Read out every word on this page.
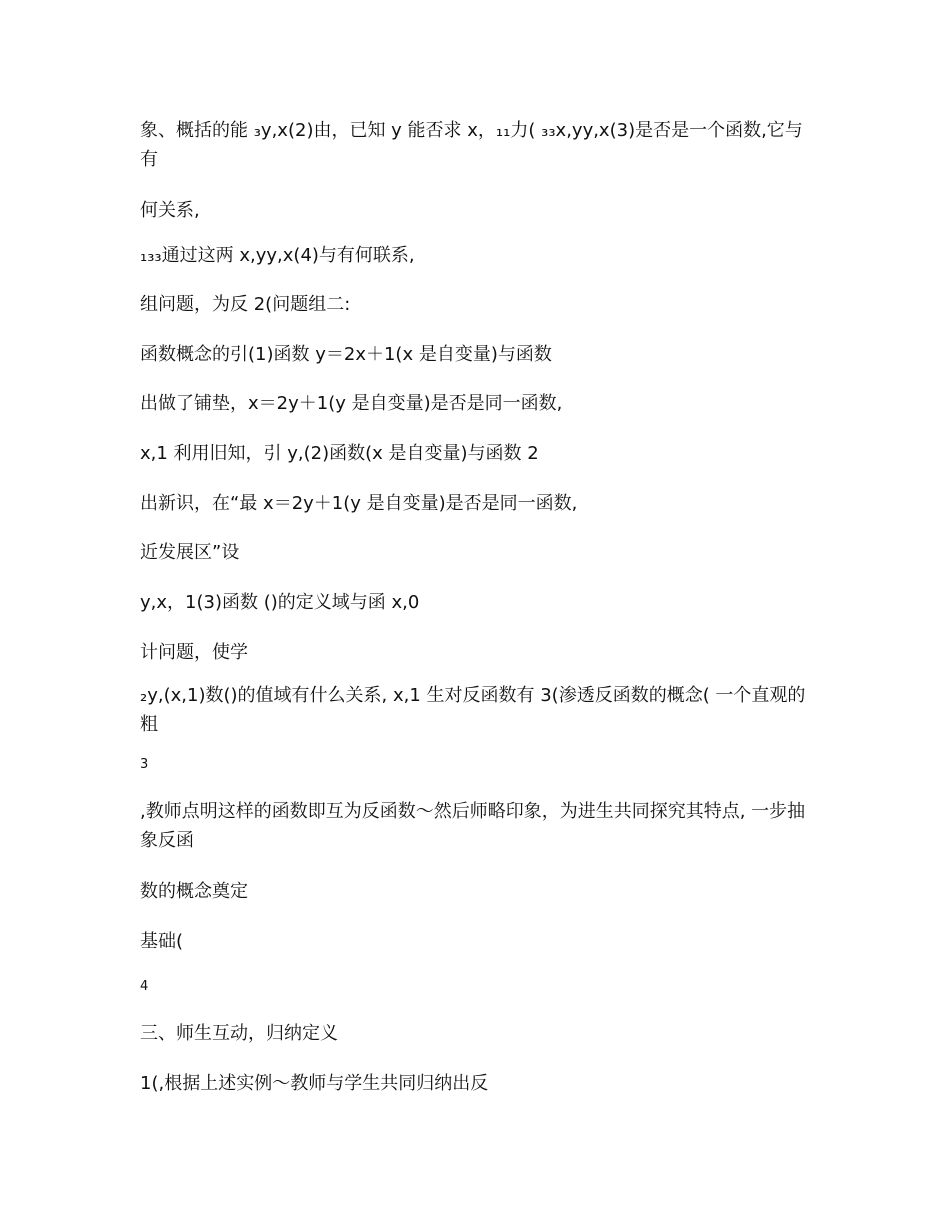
象、概括的能 ₃y,x(2)由，已知 y 能否求 x，₁₁力( ₃₃x,yy,x(3)是否是一个函数,它与有
何关系,
₁₃₃通过这两 x,yy,x(4)与有何联系,
组问题，为反 2(问题组二:
函数概念的引(1)函数 y＝2x＋1(x 是自变量)与函数
出做了铺垫，x＝2y＋1(y 是自变量)是否是同一函数,
x,1 利用旧知，引 y,(2)函数(x 是自变量)与函数 2
出新识，在“最 x＝2y＋1(y 是自变量)是否是同一函数,
近发展区”设
y,x，1(3)函数 ()的定义域与函 x,0
计问题，使学
₂y,(x,1)数()的值域有什么关系, x,1 生对反函数有 3(渗透反函数的概念( 一个直观的粗
3
,教师点明这样的函数即互为反函数～然后师略印象，为进生共同探究其特点, 一步抽象反函
数的概念奠定
基础(
4
三、师生互动，归纳定义
1(,根据上述实例～教师与学生共同归纳出反
